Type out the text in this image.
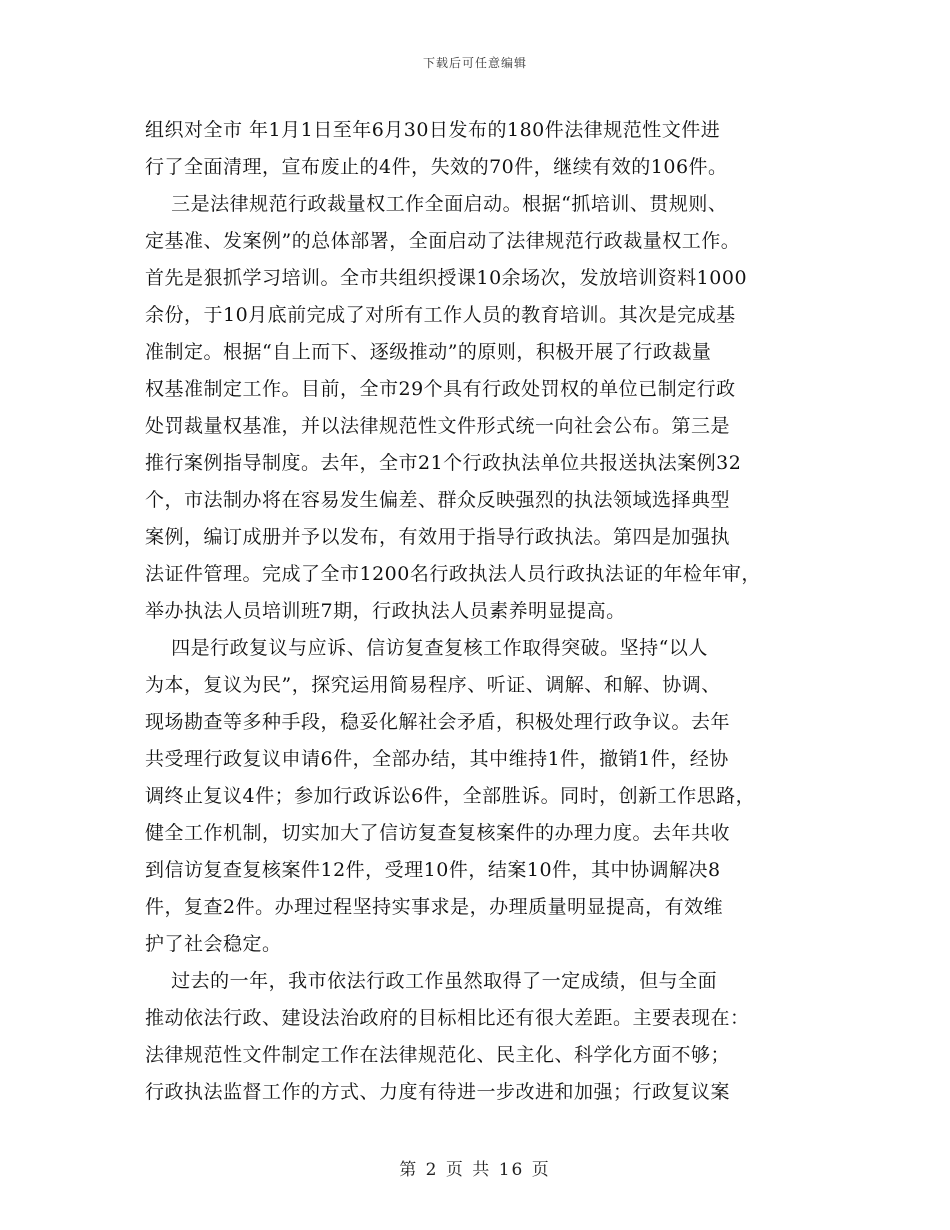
下载后可任意编辑
组织对全市 年1月1日至年6月30日发布的180件法律规范性文件进
行了全面清理，宣布废止的4件，失效的70件，继续有效的106件。
三是法律规范行政裁量权工作全面启动。根据“抓培训、贯规则、
定基准、发案例”的总体部署，全面启动了法律规范行政裁量权工作。
首先是狠抓学习培训。全市共组织授课10余场次，发放培训资料1000
余份，于10月底前完成了对所有工作人员的教育培训。其次是完成基
准制定。根据“自上而下、逐级推动”的原则，积极开展了行政裁量
权基准制定工作。目前，全市29个具有行政处罚权的单位已制定行政
处罚裁量权基准，并以法律规范性文件形式统一向社会公布。第三是
推行案例指导制度。去年，全市21个行政执法单位共报送执法案例32
个，市法制办将在容易发生偏差、群众反映强烈的执法领域选择典型
案例，编订成册并予以发布，有效用于指导行政执法。第四是加强执
法证件管理。完成了全市1200名行政执法人员行政执法证的年检年审，
举办执法人员培训班7期，行政执法人员素养明显提高。
四是行政复议与应诉、信访复查复核工作取得突破。坚持“以人
为本，复议为民”，探究运用简易程序、听证、调解、和解、协调、
现场勘查等多种手段，稳妥化解社会矛盾，积极处理行政争议。去年
共受理行政复议申请6件，全部办结，其中维持1件，撤销1件，经协
调终止复议4件；参加行政诉讼6件，全部胜诉。同时，创新工作思路，
健全工作机制，切实加大了信访复查复核案件的办理力度。去年共收
到信访复查复核案件12件，受理10件，结案10件，其中协调解决8
件，复查2件。办理过程坚持实事求是，办理质量明显提高，有效维
护了社会稳定。
过去的一年，我市依法行政工作虽然取得了一定成绩，但与全面
推动依法行政、建设法治政府的目标相比还有很大差距。主要表现在：
法律规范性文件制定工作在法律规范化、民主化、科学化方面不够；
行政执法监督工作的方式、力度有待进一步改进和加强；行政复议案
第 2 页 共 16 页
